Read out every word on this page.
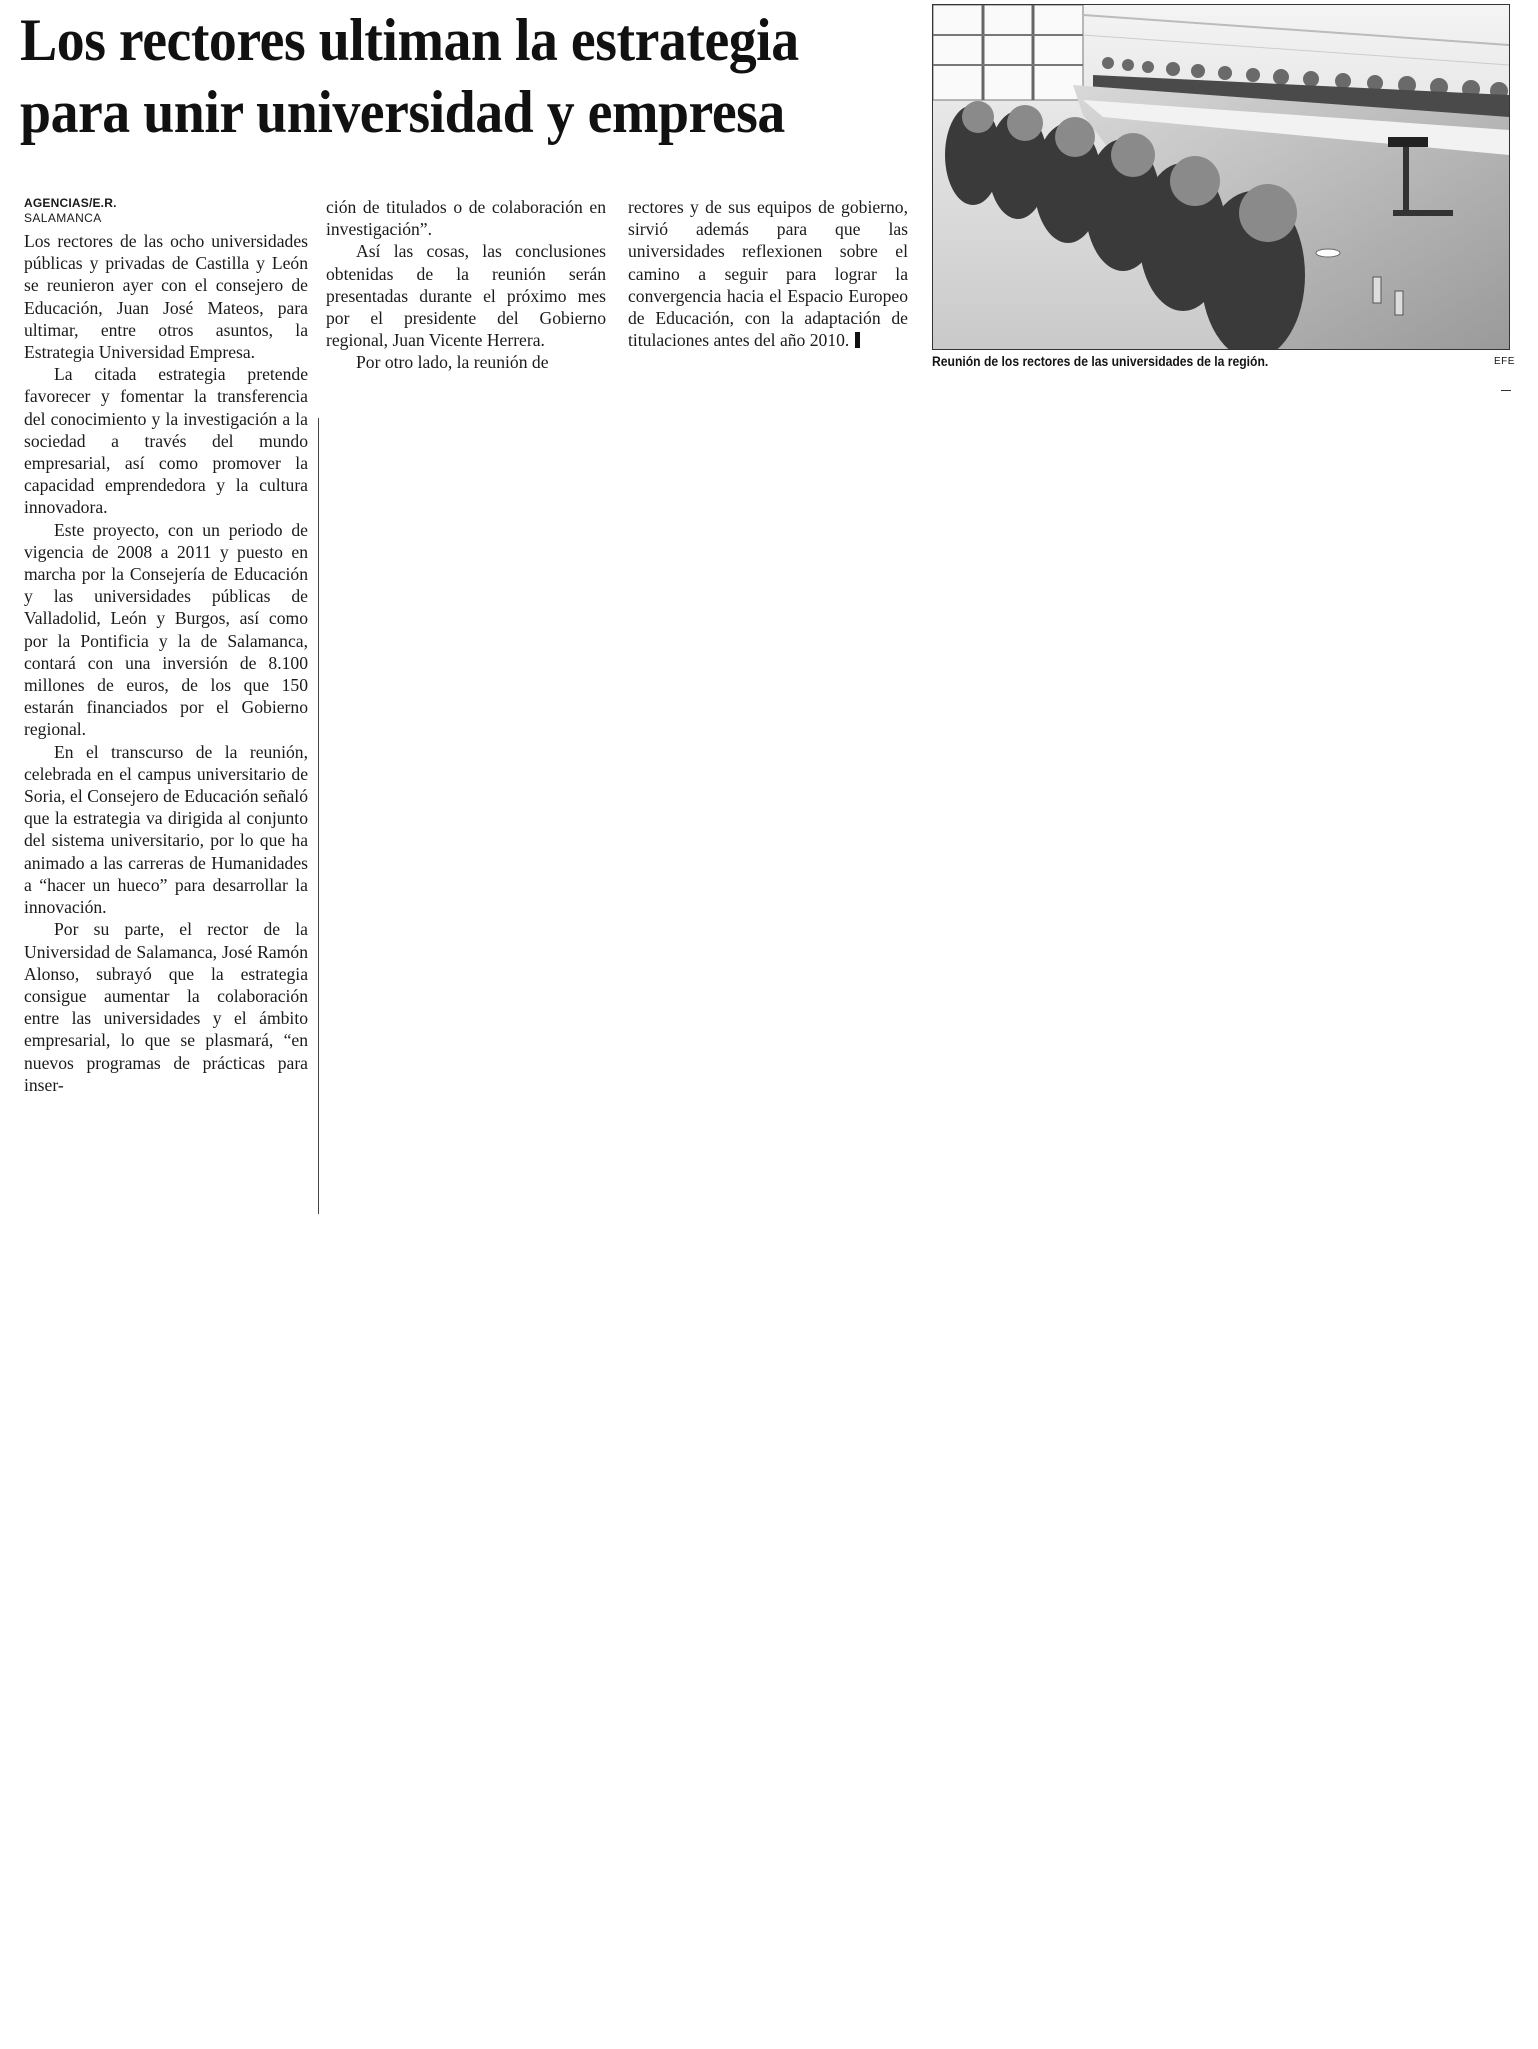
Los rectores ultiman la estrategia
para unir universidad y empresa
AGENCIAS/E.R.
SALAMANCA

Los rectores de las ocho universidades públicas y privadas de Castilla y León se reunieron ayer con el consejero de Educación, Juan José Mateos, para ultimar, entre otros asuntos, la Estrategia Universidad Empresa.

La citada estrategia pretende favorecer y fomentar la transferencia del conocimiento y la investigación a la sociedad a través del mundo empresarial, así como promover la capacidad emprendedora y la cultura innovadora.

Este proyecto, con un periodo de vigencia de 2008 a 2011 y puesto en marcha por la Consejería de Educación y las universidades públicas de Valladolid, León y Burgos, así como por la Pontificia y la de Salamanca, contará con una inversión de 8.100 millones de euros, de los que 150 estarán financiados por el Gobierno regional.

En el transcurso de la reunión, celebrada en el campus universitario de Soria, el Consejero de Educación señaló que la estrategia va dirigida al conjunto del sistema universitario, por lo que ha animado a las carreras de Humanidades a “hacer un hueco” para desarrollar la innovación.

Por su parte, el rector de la Universidad de Salamanca, José Ramón Alonso, subrayó que la estrategia consigue aumentar la colaboración entre las universidades y el ámbito empresarial, lo que se plasmará, “en nuevos programas de prácticas para inser-

ción de titulados o de colaboración en investigación”.

Así las cosas, las conclusiones obtenidas de la reunión serán presentadas durante el próximo mes por el presidente del Gobierno regional, Juan Vicente Herrera.

Por otro lado, la reunión de

rectores y de sus equipos de gobierno, sirvió además para que las universidades reflexionen sobre el camino a seguir para lograr la convergencia hacia el Espacio Europeo de Educación, con la adaptación de titulaciones antes del año 2010.

Reunión de los rectores de las universidades de la región.	EFE
